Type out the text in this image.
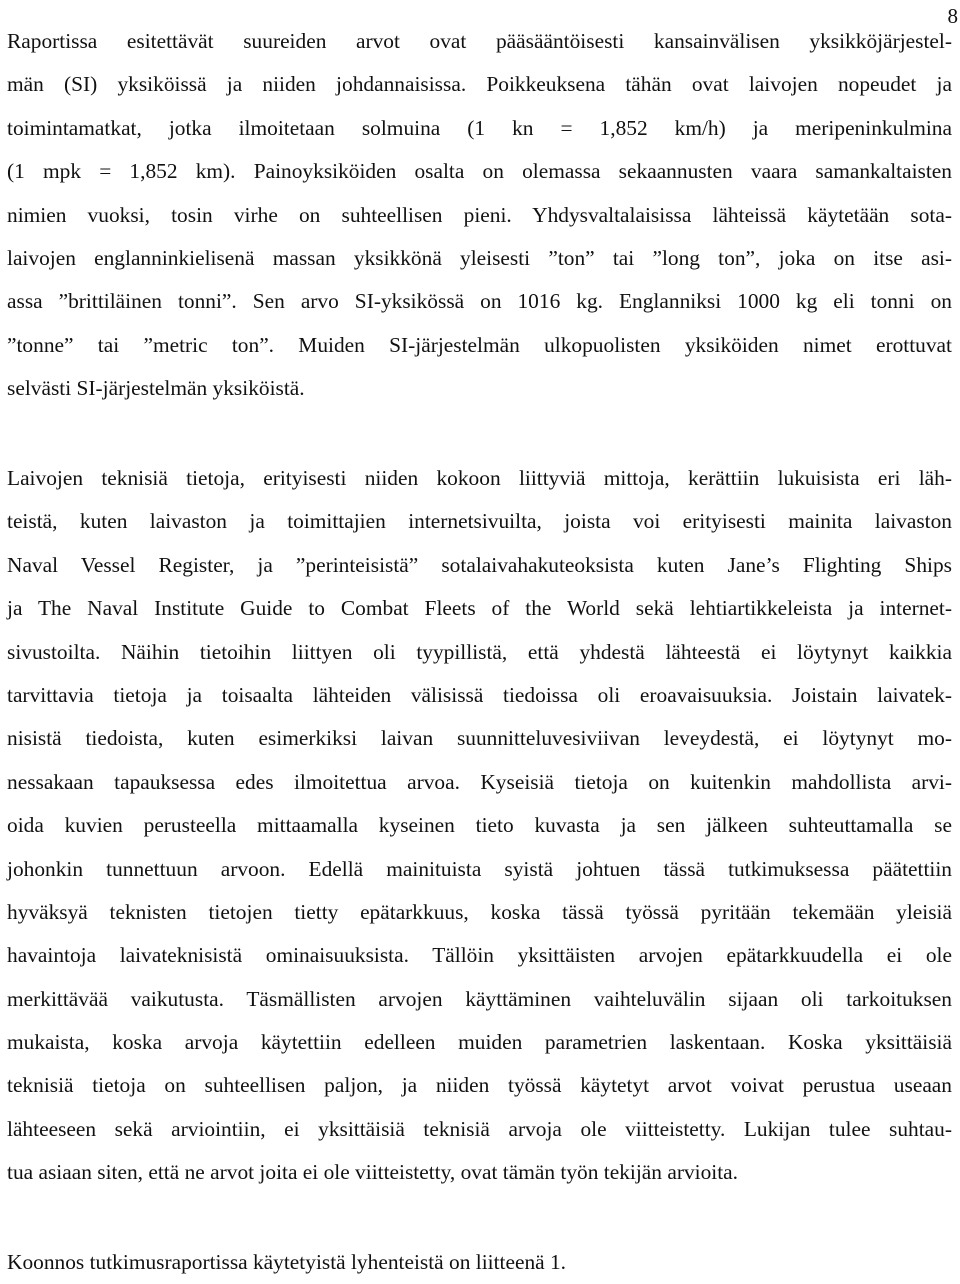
8
Raportissa esitettävät suureiden arvot ovat pääsääntöisesti kansainvälisen yksikköjärjestel-
män (SI) yksiköissä ja niiden johdannaisissa. Poikkeuksena tähän ovat laivojen nopeudet ja
toimintamatkat, jotka ilmoitetaan solmuina (1 kn = 1,852 km/h) ja meripeninkulmina
(1 mpk = 1,852 km). Painoyksiköiden osalta on olemassa sekaannusten vaara samankaltaisten
nimien vuoksi, tosin virhe on suhteellisen pieni. Yhdysvaltalaisissa lähteissä käytetään sota-
laivojen englanninkielisenä massan yksikkönä yleisesti ”ton” tai ”long ton”, joka on itse asi-
assa ”brittiläinen tonni”. Sen arvo SI-yksikössä on 1016 kg. Englanniksi 1000 kg eli tonni on
”tonne” tai ”metric ton”. Muiden SI-järjestelmän ulkopuolisten yksiköiden nimet erottuvat
selvästi SI-järjestelmän yksiköistä.
Laivojen teknisiä tietoja, erityisesti niiden kokoon liittyviä mittoja, kerättiin lukuisista eri läh-
teistä, kuten laivaston ja toimittajien internetsivuilta, joista voi erityisesti mainita laivaston
Naval Vessel Register, ja ”perinteisistä” sotalaivahakuteoksista kuten Jane’s Flighting Ships
ja The Naval Institute Guide to Combat Fleets of the World sekä lehtiartikkeleista ja internet-
sivustoilta. Näihin tietoihin liittyen oli tyypillistä, että yhdestä lähteestä ei löytynyt kaikkia
tarvittavia tietoja ja toisaalta lähteiden välisissä tiedoissa oli eroavaisuuksia. Joistain laivatek-
nisistä tiedoista, kuten esimerkiksi laivan suunnitteluvesiviivan leveydestä, ei löytynyt mo-
nessakaan tapauksessa edes ilmoitettua arvoa. Kyseisiä tietoja on kuitenkin mahdollista arvi-
oida kuvien perusteella mittaamalla kyseinen tieto kuvasta ja sen jälkeen suhteuttamalla se
johonkin tunnettuun arvoon. Edellä mainituista syistä johtuen tässä tutkimuksessa päätettiin
hyväksyä teknisten tietojen tietty epätarkkuus, koska tässä työssä pyritään tekemään yleisiä
havaintoja laivateknisistä ominaisuuksista. Tällöin yksittäisten arvojen epätarkkuudella ei ole
merkittävää vaikutusta. Täsmällisten arvojen käyttäminen vaihteluvälin sijaan oli tarkoituksen
mukaista, koska arvoja käytettiin edelleen muiden parametrien laskentaan. Koska yksittäisiä
teknisiä tietoja on suhteellisen paljon, ja niiden työssä käytetyt arvot voivat perustua useaan
lähteeseen sekä arviointiin, ei yksittäisiä teknisiä arvoja ole viitteistetty. Lukijan tulee suhtau-
tua asiaan siten, että ne arvot joita ei ole viitteistetty, ovat tämän työn tekijän arvioita.
Koonnos tutkimusraportissa käytetyistä lyhenteistä on liitteenä 1.
